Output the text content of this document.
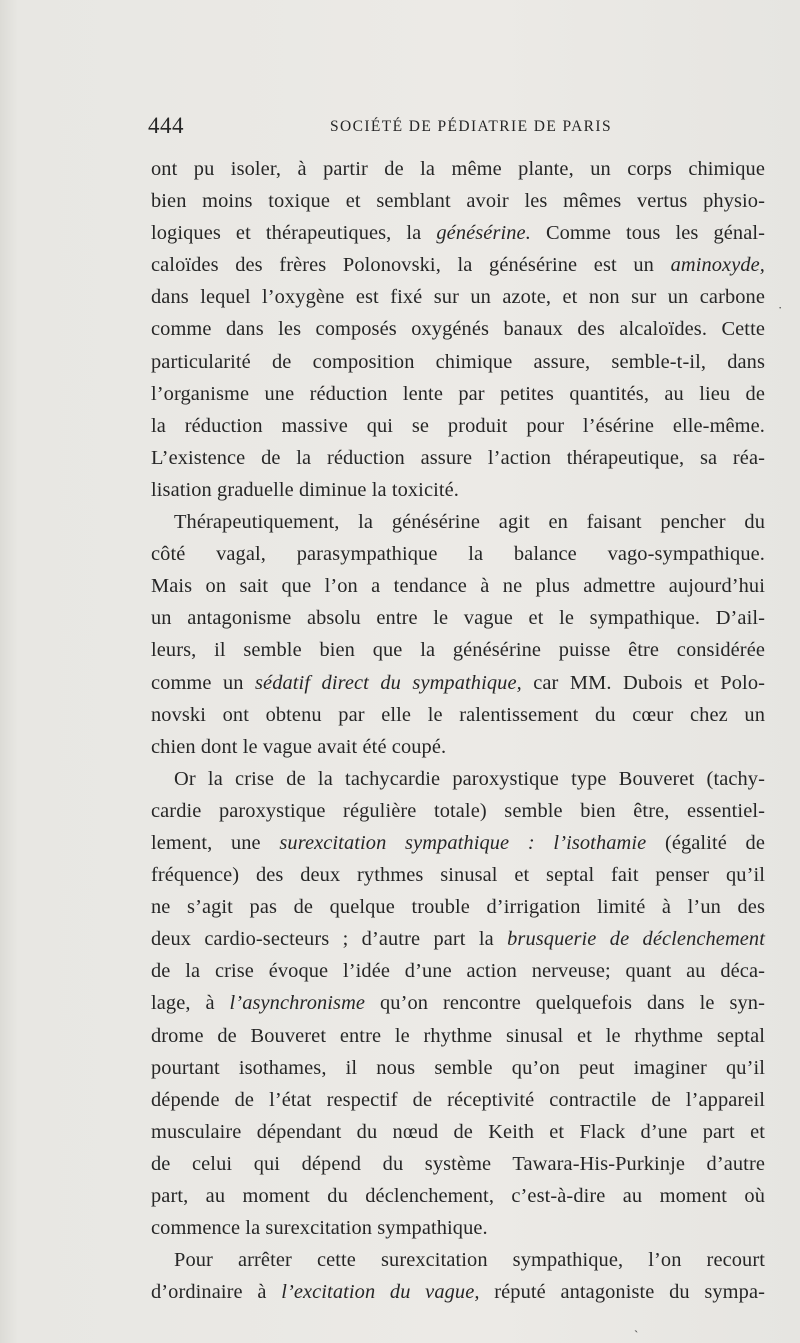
444	SOCIÉTÉ DE PÉDIATRIE DE PARIS
ont pu isoler, à partir de la même plante, un corps chimique
bien moins toxique et semblant avoir les mêmes vertus physio-
logiques et thérapeutiques, la génésérine. Comme tous les génal-
caloïdes des frères Polonovski, la génésérine est un aminoxyde,
dans lequel l’oxygène est fixé sur un azote, et non sur un carbone
comme dans les composés oxygénés banaux des alcaloïdes. Cette
particularité de composition chimique assure, semble-t-il, dans
l’organisme une réduction lente par petites quantités, au lieu de
la réduction massive qui se produit pour l’ésérine elle-même.
L’existence de la réduction assure l’action thérapeutique, sa réa-
lisation graduelle diminue la toxicité.
Thérapeutiquement, la génésérine agit en faisant pencher du
côté vagal, parasympathique la balance vago-sympathique.
Mais on sait que l’on a tendance à ne plus admettre aujourd’hui
un antagonisme absolu entre le vague et le sympathique. D’ail-
leurs, il semble bien que la génésérine puisse être considérée
comme un sédatif direct du sympathique, car MM. Dubois et Polo-
novski ont obtenu par elle le ralentissement du cœur chez un
chien dont le vague avait été coupé.
Or la crise de la tachycardie paroxystique type Bouveret (tachy-
cardie paroxystique régulière totale) semble bien être, essentiel-
lement, une surexcitation sympathique : l’isothamie (égalité de
fréquence) des deux rythmes sinusal et septal fait penser qu’il
ne s’agit pas de quelque trouble d’irrigation limité à l’un des
deux cardio-secteurs ; d’autre part la brusquerie de déclenchement
de la crise évoque l’idée d’une action nerveuse; quant au déca-
lage, à l’asynchronisme qu’on rencontre quelquefois dans le syn-
drome de Bouveret entre le rhythme sinusal et le rhythme septal
pourtant isothames, il nous semble qu’on peut imaginer qu’il
dépende de l’état respectif de réceptivité contractile de l’appareil
musculaire dépendant du nœud de Keith et Flack d’une part et
de celui qui dépend du système Tawara-His-Purkinje d’autre
part, au moment du déclenchement, c’est-à-dire au moment où
commence la surexcitation sympathique.
Pour arrêter cette surexcitation sympathique, l’on recourt
d’ordinaire à l’excitation du vague, réputé antagoniste du sympa-
·
ˎ
